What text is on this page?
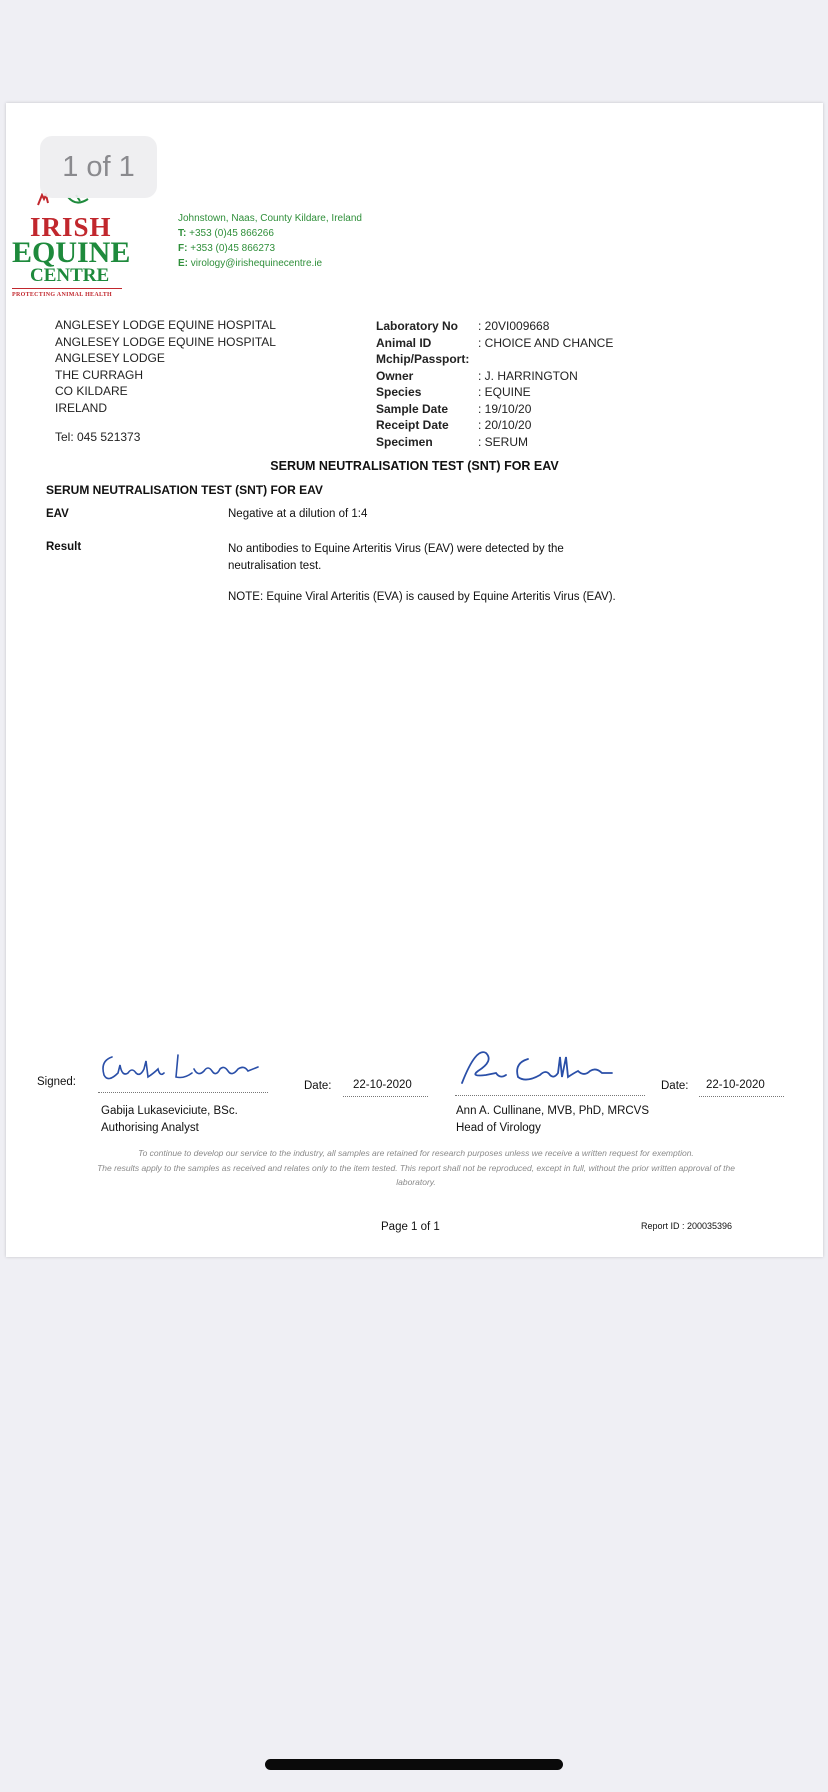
1 of 1
IRISH
EQUINE
CENTRE
PROTECTING ANIMAL HEALTH
Johnstown, Naas, County Kildare, Ireland
T: +353 (0)45 866266
F: +353 (0)45 866273
E: virology@irishequinecentre.ie
ANGLESEY LODGE EQUINE HOSPITAL
ANGLESEY LODGE EQUINE HOSPITAL
ANGLESEY LODGE
THE CURRAGH
CO KILDARE
IRELAND
Tel: 045 521373
Laboratory No	: 20VI009668
Animal ID	: CHOICE AND CHANCE
Mchip/Passport:
Owner	: J. HARRINGTON
Species	: EQUINE
Sample Date	: 19/10/20
Receipt Date	: 20/10/20
Specimen	: SERUM
SERUM NEUTRALISATION TEST (SNT) FOR EAV
SERUM NEUTRALISATION TEST (SNT) FOR EAV
EAV	Negative at a dilution of 1:4
Result	No antibodies to Equine Arteritis Virus (EAV) were detected by the neutralisation test.
NOTE: Equine Viral Arteritis (EVA) is caused by Equine Arteritis Virus (EAV).
Signed:	Date: 22-10-2020
Gabija Lukaseviciute, BSc.
Authorising Analyst
Date: 22-10-2020
Ann A. Cullinane, MVB, PhD, MRCVS
Head of Virology
To continue to develop our service to the industry, all samples are retained for research purposes unless we receive a written request for exemption.
The results apply to the samples as received and relates only to the item tested. This report shall not be reproduced, except in full, without the prior written approval of the laboratory.
Page 1 of 1	Report ID : 200035396
